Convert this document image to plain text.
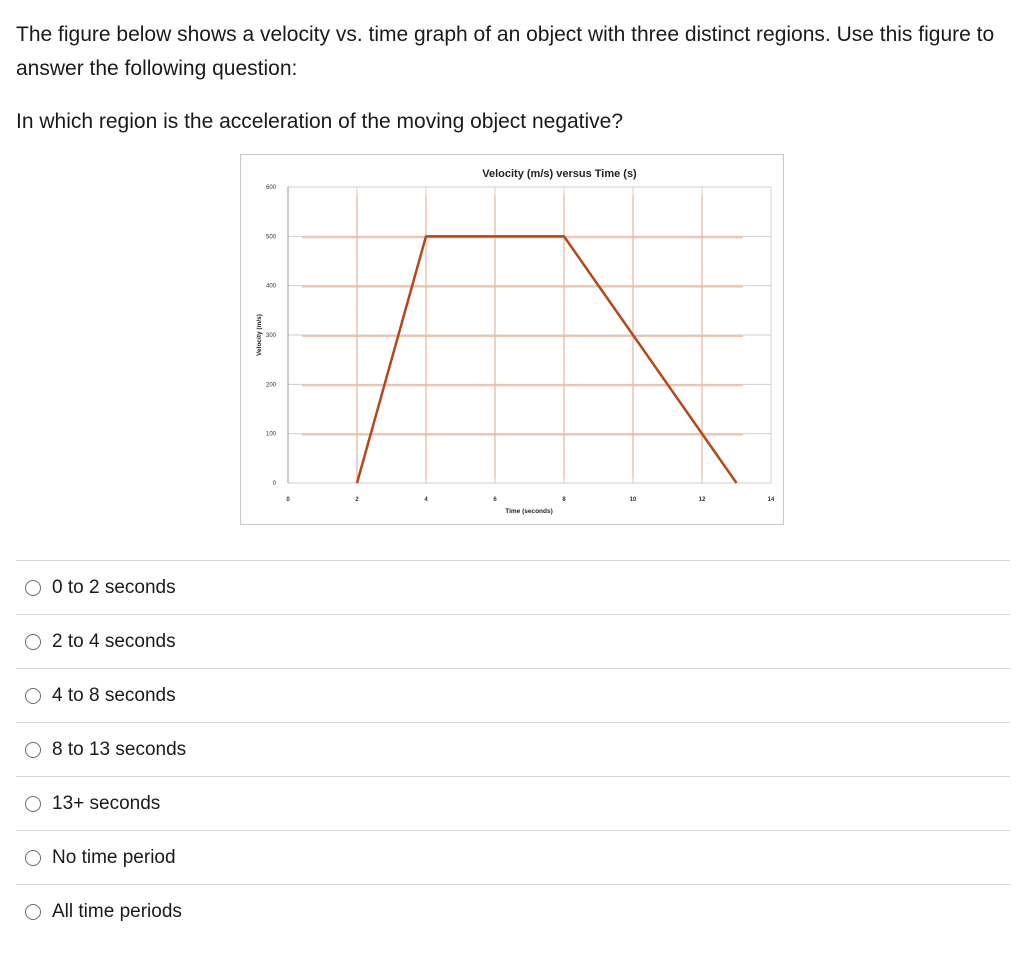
The figure below shows a velocity vs. time graph of an object with three distinct regions. Use this figure to answer the following question:

In which region is the acceleration of the moving object negative?

0
100
200
300
400
500
600
0	2	4	6	8	10	12	14
Velocity (m/s) versus Time (s)
Time (seconds)
Velocity (m/s)
0 to 2 seconds
2 to 4 seconds
4 to 8 seconds
8 to 13 seconds
13+ seconds
No time period
All time periods
